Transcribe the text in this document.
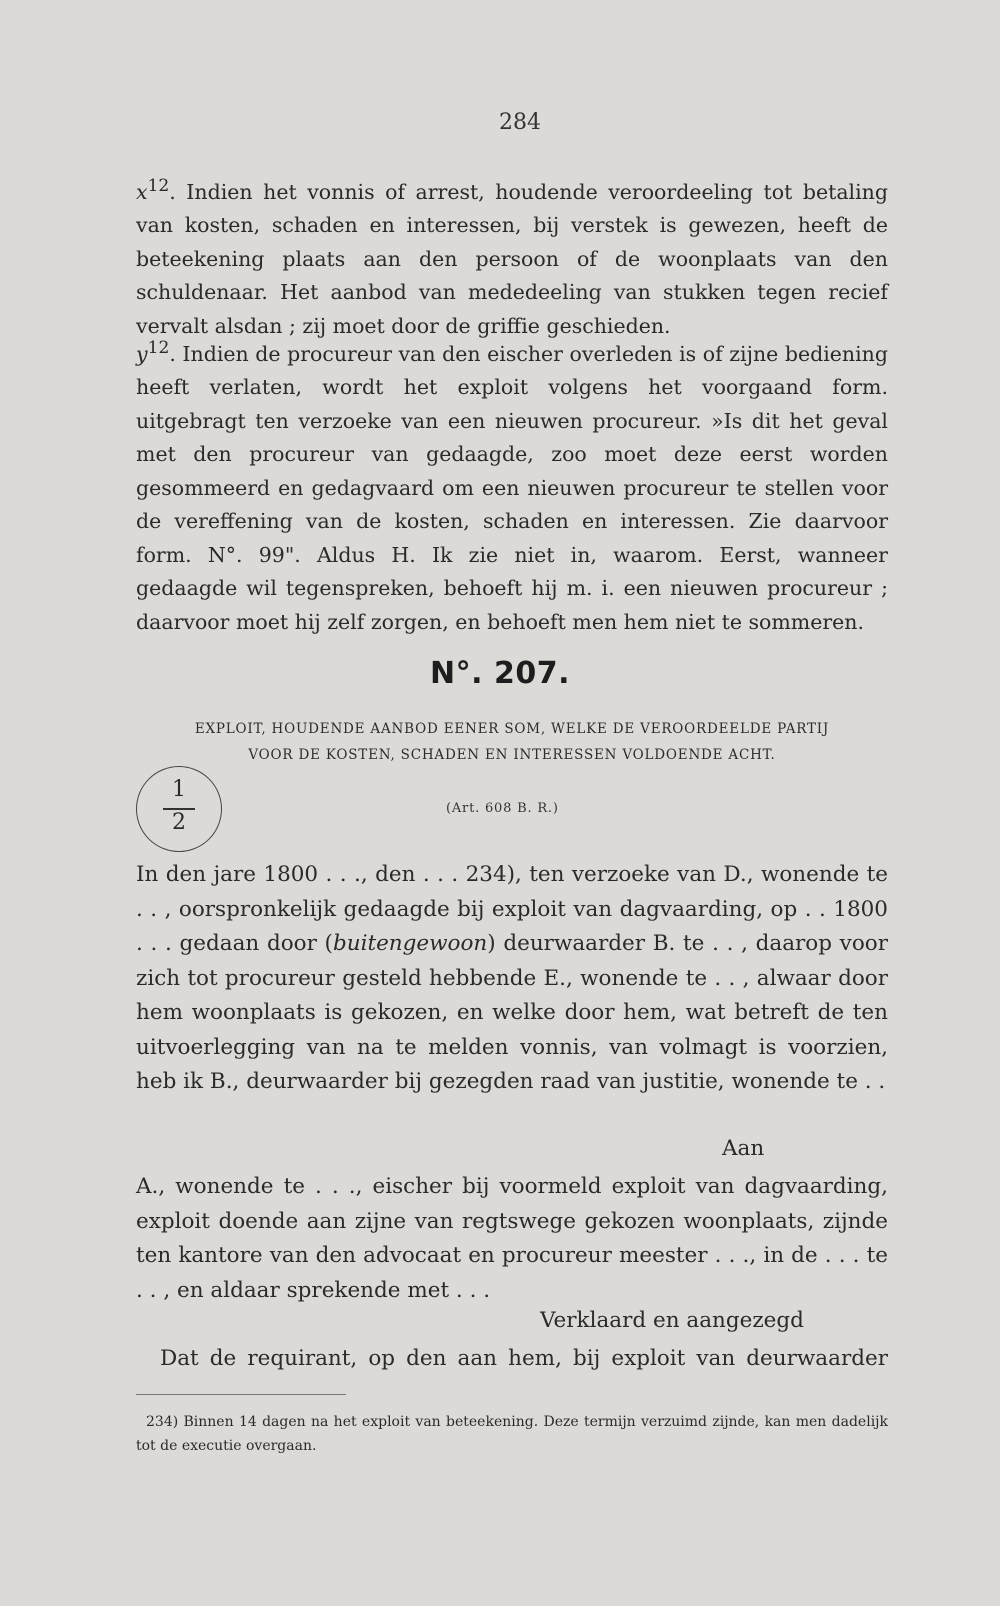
284

$x^{12}$. Indien het vonnis of arrest, houdende veroordeeling tot betaling van kosten, schaden en interessen, bij verstek is gewezen, heeft de beteekening plaats aan den persoon of de woonplaats van den schuldenaar. Het aanbod van mededeeling van stukken tegen recief vervalt alsdan ; zij moet door de griffie geschieden.

$y^{12}$. Indien de procureur van den eischer overleden is of zijne bediening heeft verlaten, wordt het exploit volgens het voorgaand form. uitgebragt ten verzoeke van een nieuwen procureur. »Is dit het geval met den procureur van gedaagde, zoo moet deze eerst worden gesommeerd en gedagvaard om een nieuwen procureur te stellen voor de vereffening van de kosten, schaden en interessen. Zie daarvoor form. N°. 99". Aldus H. Ik zie niet in, waarom. Eerst, wanneer gedaagde wil tegenspreken, behoeft hij m. i. een nieuwen procureur ; daarvoor moet hij zelf zorgen, en behoeft men hem niet te sommeren.

N°. 207.
EXPLOIT, HOUDENDE AANBOD EENER SOM, WELKE DE VEROORDEELDE PARTIJ
VOOR DE KOSTEN, SCHADEN EN INTERESSEN VOLDOENDE ACHT.
1
2
(Art. 608 B. R.)

In den jare 1800 . . ., den . . . 234), ten verzoeke van D., wonende te . . , oorspronkelijk gedaagde bij exploit van dagvaarding, op . . 1800 . . . gedaan door (buitengewoon) deurwaarder B. te . . , daarop voor zich tot procureur gesteld hebbende E., wonende te . . , alwaar door hem woonplaats is gekozen, en welke door hem, wat betreft de ten uitvoerlegging van na te melden vonnis, van volmagt is voorzien, heb ik B., deurwaarder bij gezegden raad van justitie, wonende te . .

Aan

A., wonende te . . ., eischer bij voormeld exploit van dagvaarding, exploit doende aan zijne van regtswege gekozen woonplaats, zijnde ten kantore van den advocaat en procureur meester . . ., in de . . . te . . , en aldaar sprekende met . . .

Verklaard en aangezegd
Dat de requirant, op den aan hem, bij exploit van deurwaarder
234) Binnen 14 dagen na het exploit van beteekening. Deze termijn verzuimd zijnde, kan men dadelijk tot de executie overgaan.
